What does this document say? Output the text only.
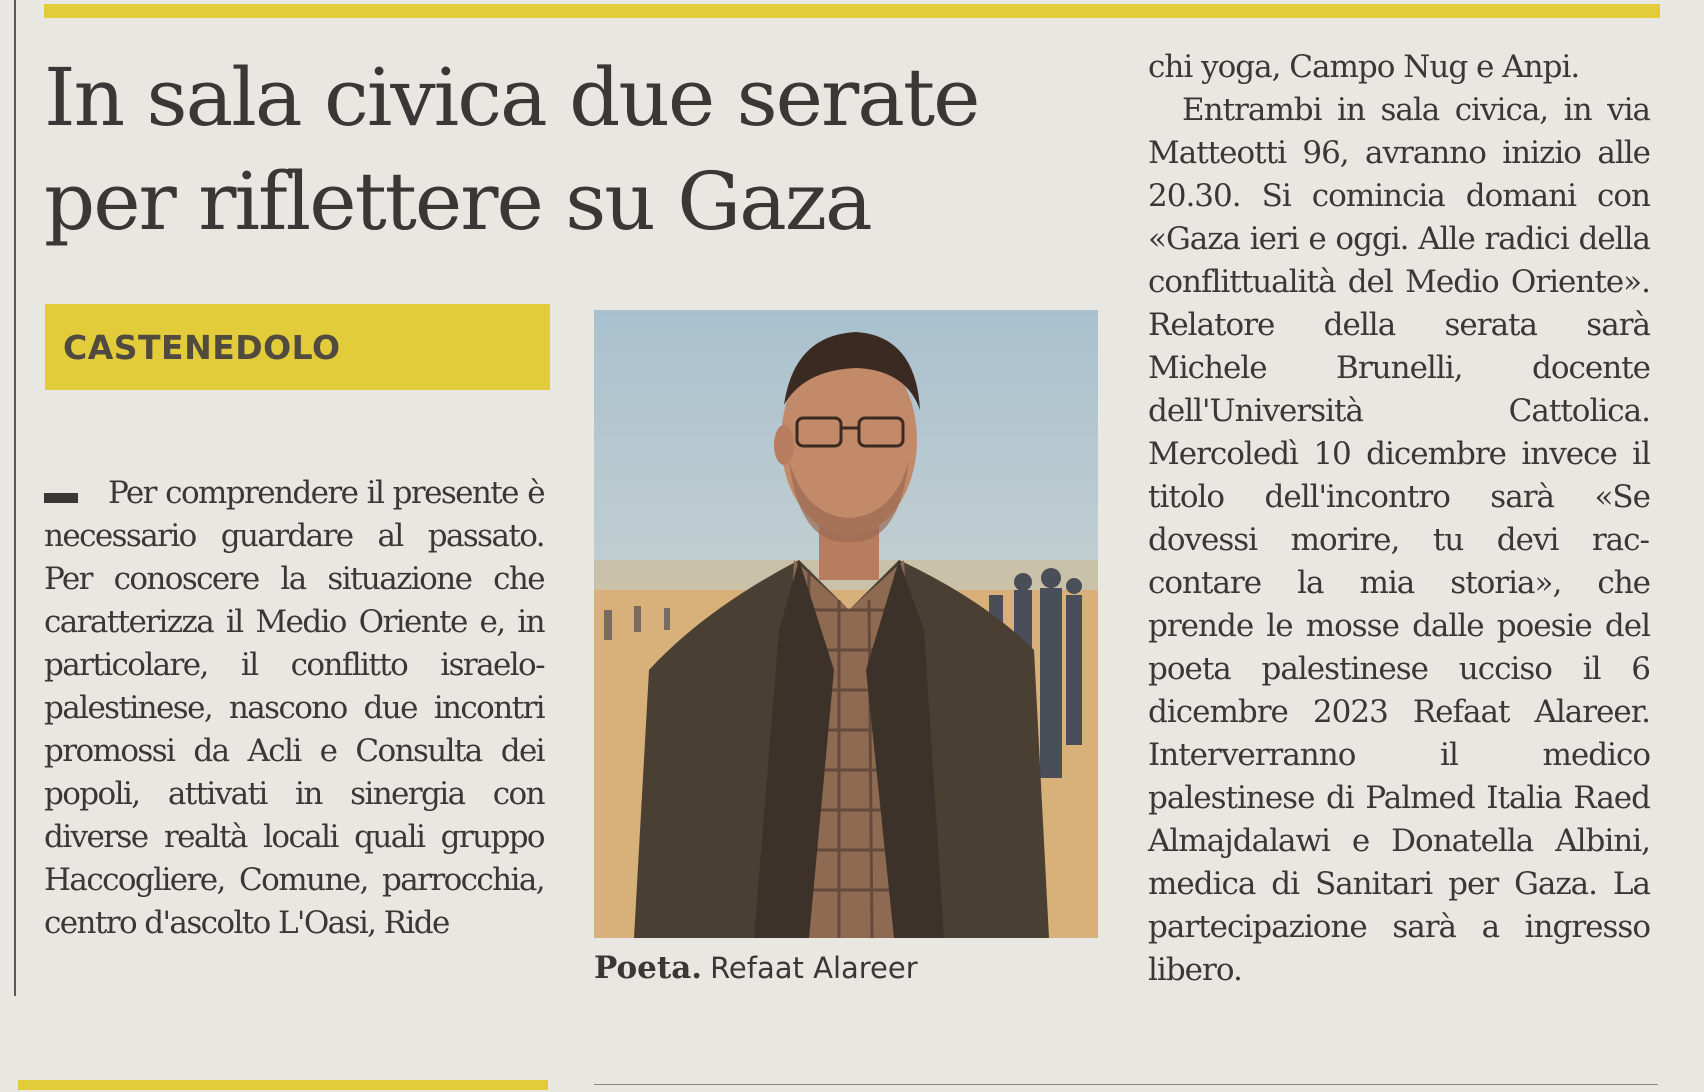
In sala civica due serate per riflettere su Gaza
CASTENEDOLO

Per comprendere il presente è necessario guardare al passato. Per conoscere la situazione che caratterizza il Medio Oriente e, in particolare, il conflitto israelo-palestinese, nascono due incontri promossi da Acli e Consulta dei popoli, attivati in sinergia con diverse realtà locali quali gruppo Haccogliere, Comune, parrocchia, centro d'ascolto L'Oasi, Ride

Poeta. Refaat Alareer
chi yoga, Campo Nug e Anpi.
Entrambi in sala civica, in via Matteotti 96, avranno inizio alle 20.30. Si comincia domani con «Gaza ieri e oggi. Alle radici della conflittualità del Medio Oriente». Relatore della serata sarà Michele Brunelli, docente dell'Università Cattolica. Mercoledì 10 dicembre invece il titolo dell'incontro sarà «Se dovessi morire, tu devi raccontare la mia storia», che prende le mosse dalle poesie del poeta palestinese ucciso il 6 dicembre 2023 Refaat Alareer. Interverranno il medico palestinese di Palmed Italia Raed Almajdalawi e Donatella Albini, medica di Sanitari per Gaza. La partecipazione sarà a ingresso libero.
